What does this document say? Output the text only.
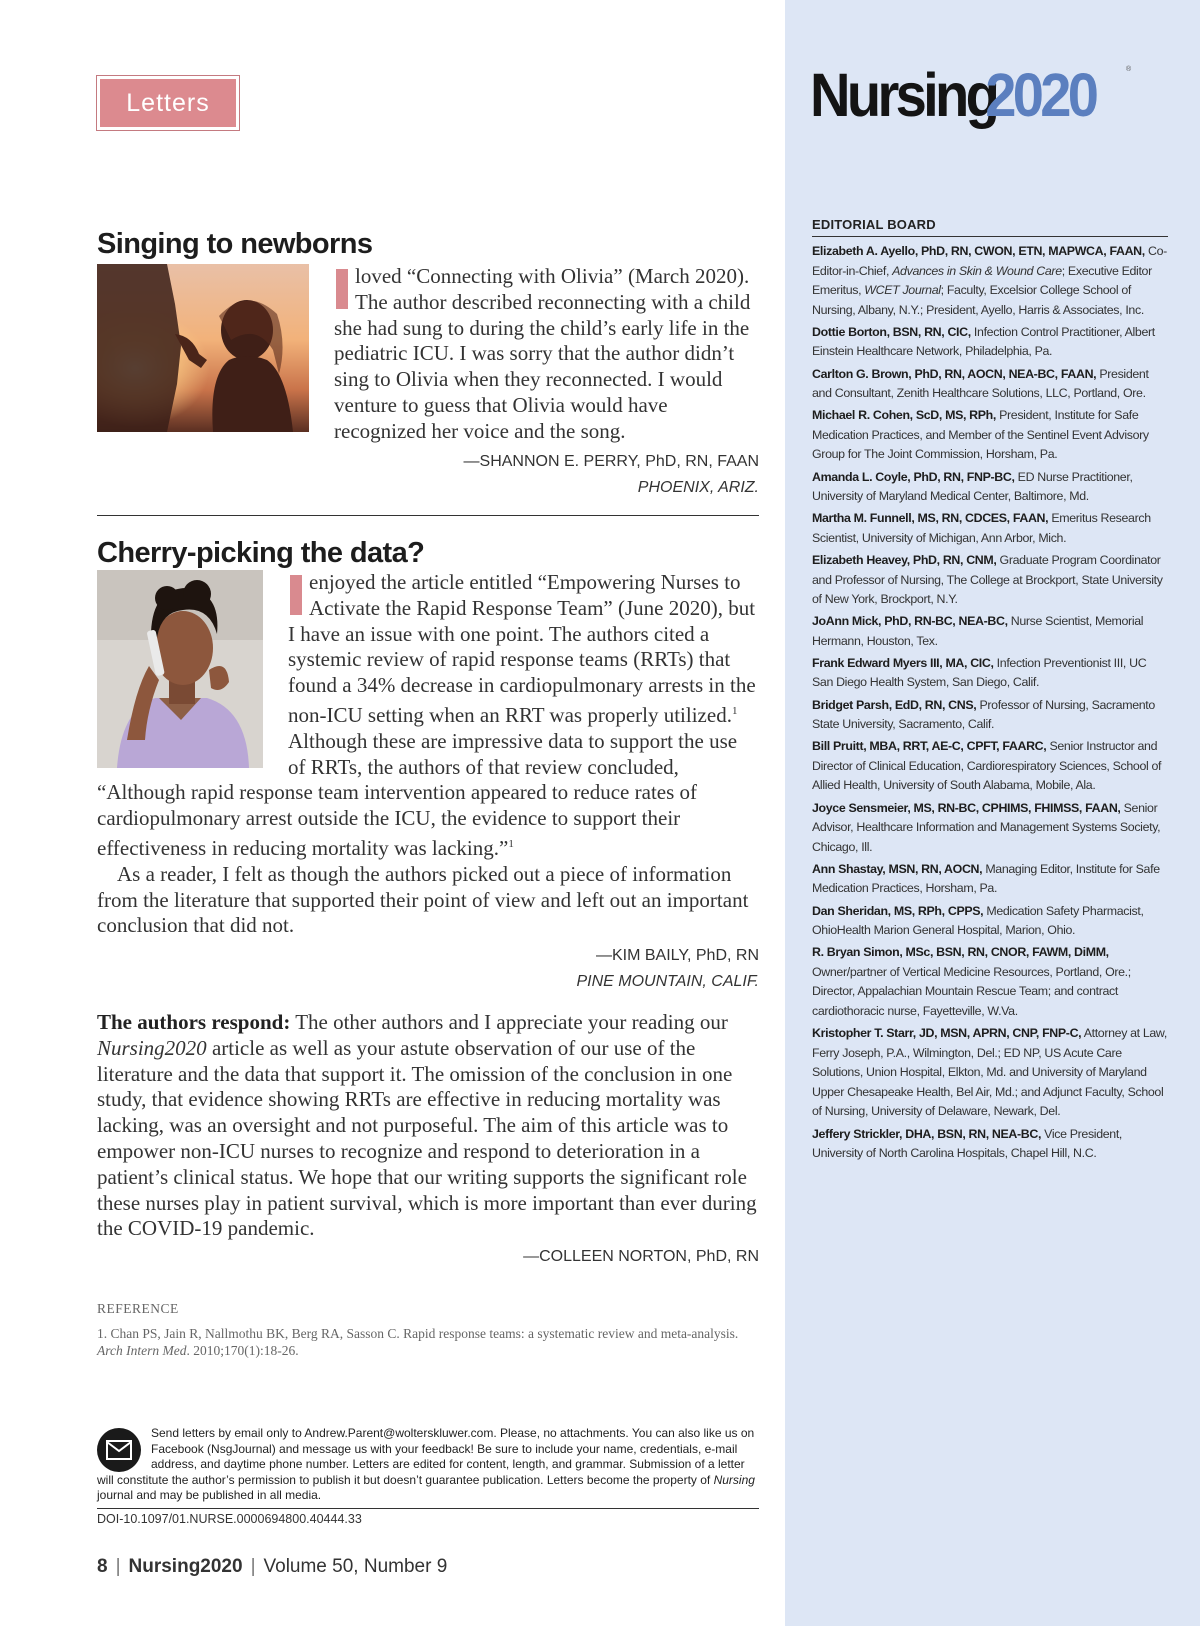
Letters	Nursing2020	®
Singing to newborns
loved “Connecting with Olivia” (March 2020). The author described reconnecting with a child she had sung to during the child’s early life in the pediatric ICU. I was sorry that the author didn’t sing to Olivia when they reconnected. I would venture to guess that Olivia would have recognized her voice and the song.
—SHANNON E. PERRY, PhD, RN, FAAN
PHOENIX, ARIZ.
Cherry-picking the data?
enjoyed the article entitled “Empowering Nurses to Activate the Rapid Response Team” (June 2020), but I have an issue with one point. The authors cited a systemic review of rapid response teams (RRTs) that found a 34% decrease in cardiopulmonary arrests in the non-ICU setting when an RRT was properly utilized.$^1$ Although these are impressive data to support the use of RRTs, the authors of that review concluded, “Although rapid response team intervention appeared to reduce rates of cardiopulmonary arrest outside the ICU, the evidence to support their effectiveness in reducing mortality was lacking.”$^1$
As a reader, I felt as though the authors picked out a piece of information from the literature that supported their point of view and left out an important conclusion that did not.
—KIM BAILY, PhD, RN
PINE MOUNTAIN, CALIF.
The authors respond: The other authors and I appreciate your reading our Nursing2020 article as well as your astute observation of our use of the literature and the data that support it. The omission of the conclusion in one study, that evidence showing RRTs are effective in reducing mortality was lacking, was an oversight and not purposeful. The aim of this article was to empower non-ICU nurses to recognize and respond to deterioration in a patient’s clinical status. We hope that our writing supports the significant role these nurses play in patient survival, which is more important than ever during the COVID-19 pandemic.
—COLLEEN NORTON, PhD, RN
REFERENCE
1. Chan PS, Jain R, Nallmothu BK, Berg RA, Sasson C. Rapid response teams: a systematic review and meta-analysis. Arch Intern Med. 2010;170(1):18-26.
Send letters by email only to Andrew.Parent@wolterskluwer.com. Please, no attachments. You can also like us on Facebook (NsgJournal) and message us with your feedback! Be sure to include your name, credentials, e-mail address, and daytime phone number. Letters are edited for content, length, and grammar. Submission of a letter will constitute the author’s permission to publish it but doesn’t guarantee publication. Letters become the property of Nursing journal and may be published in all media.
DOI-10.1097/01.NURSE.0000694800.40444.33
8 | Nursing2020 | Volume 50, Number 9
EDITORIAL BOARD
Elizabeth A. Ayello, PhD, RN, CWON, ETN, MAPWCA, FAAN, Co-Editor-in-Chief, Advances in Skin & Wound Care; Executive Editor Emeritus, WCET Journal; Faculty, Excelsior College School of Nursing, Albany, N.Y.; President, Ayello, Harris & Associates, Inc.
Dottie Borton, BSN, RN, CIC, Infection Control Practitioner, Albert Einstein Healthcare Network, Philadelphia, Pa.
Carlton G. Brown, PhD, RN, AOCN, NEA-BC, FAAN, President and Consultant, Zenith Healthcare Solutions, LLC, Portland, Ore.
Michael R. Cohen, ScD, MS, RPh, President, Institute for Safe Medication Practices, and Member of the Sentinel Event Advisory Group for The Joint Commission, Horsham, Pa.
Amanda L. Coyle, PhD, RN, FNP-BC, ED Nurse Practitioner, University of Maryland Medical Center, Baltimore, Md.
Martha M. Funnell, MS, RN, CDCES, FAAN, Emeritus Research Scientist, University of Michigan, Ann Arbor, Mich.
Elizabeth Heavey, PhD, RN, CNM, Graduate Program Coordinator and Professor of Nursing, The College at Brockport, State University of New York, Brockport, N.Y.
JoAnn Mick, PhD, RN-BC, NEA-BC, Nurse Scientist, Memorial Hermann, Houston, Tex.
Frank Edward Myers III, MA, CIC, Infection Preventionist III, UC San Diego Health System, San Diego, Calif.
Bridget Parsh, EdD, RN, CNS, Professor of Nursing, Sacramento State University, Sacramento, Calif.
Bill Pruitt, MBA, RRT, AE-C, CPFT, FAARC, Senior Instructor and Director of Clinical Education, Cardiorespiratory Sciences, School of Allied Health, University of South Alabama, Mobile, Ala.
Joyce Sensmeier, MS, RN-BC, CPHIMS, FHIMSS, FAAN, Senior Advisor, Healthcare Information and Management Systems Society, Chicago, Ill.
Ann Shastay, MSN, RN, AOCN, Managing Editor, Institute for Safe Medication Practices, Horsham, Pa.
Dan Sheridan, MS, RPh, CPPS, Medication Safety Pharmacist, OhioHealth Marion General Hospital, Marion, Ohio.
R. Bryan Simon, MSc, BSN, RN, CNOR, FAWM, DiMM, Owner/partner of Vertical Medicine Resources, Portland, Ore.; Director, Appalachian Mountain Rescue Team; and contract cardiothoracic nurse, Fayetteville, W.Va.
Kristopher T. Starr, JD, MSN, APRN, CNP, FNP-C, Attorney at Law, Ferry Joseph, P.A., Wilmington, Del.; ED NP, US Acute Care Solutions, Union Hospital, Elkton, Md. and University of Maryland Upper Chesapeake Health, Bel Air, Md.; and Adjunct Faculty, School of Nursing, University of Delaware, Newark, Del.
Jeffery Strickler, DHA, BSN, RN, NEA-BC, Vice President, University of North Carolina Hospitals, Chapel Hill, N.C.
